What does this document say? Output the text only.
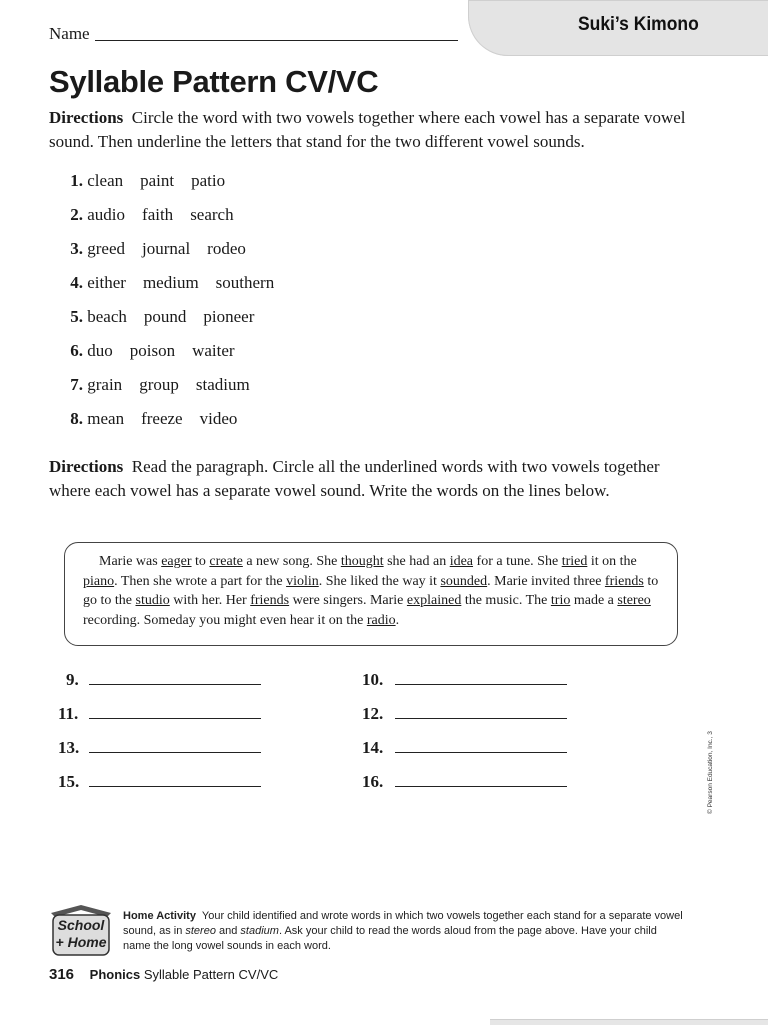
Suki’s Kimono
Name
Syllable Pattern CV/VC

Directions Circle the word with two vowels together where each vowel has a separate vowel sound. Then underline the letters that stand for the two different vowel sounds.

1. clean paint patio
2. audio faith search
3. greed journal rodeo
4. either medium southern
5. beach pound pioneer
6. duo poison waiter
7. grain group stadium
8. mean freeze video

Directions Read the paragraph. Circle all the underlined words with two vowels together where each vowel has a separate vowel sound. Write the words on the lines below.

Marie was eager to create a new song. She thought she had an idea for a tune. She tried it on the piano. Then she wrote a part for the violin. She liked the way it sounded. Marie invited three friends to go to the studio with her. Her friends were singers. Marie explained the music. The trio made a stereo recording. Someday you might even hear it on the radio.
9.	10.
11.	12.
13.	14.
15.	16.	© Pearson Education, Inc., 3
School
+ Home
Home Activity Your child identified and wrote words in which two vowels together each stand for a separate vowel sound, as in stereo and stadium. Ask your child to read the words aloud from the page above. Have your child name the long vowel sounds in each word.
316 Phonics Syllable Pattern CV/VC
